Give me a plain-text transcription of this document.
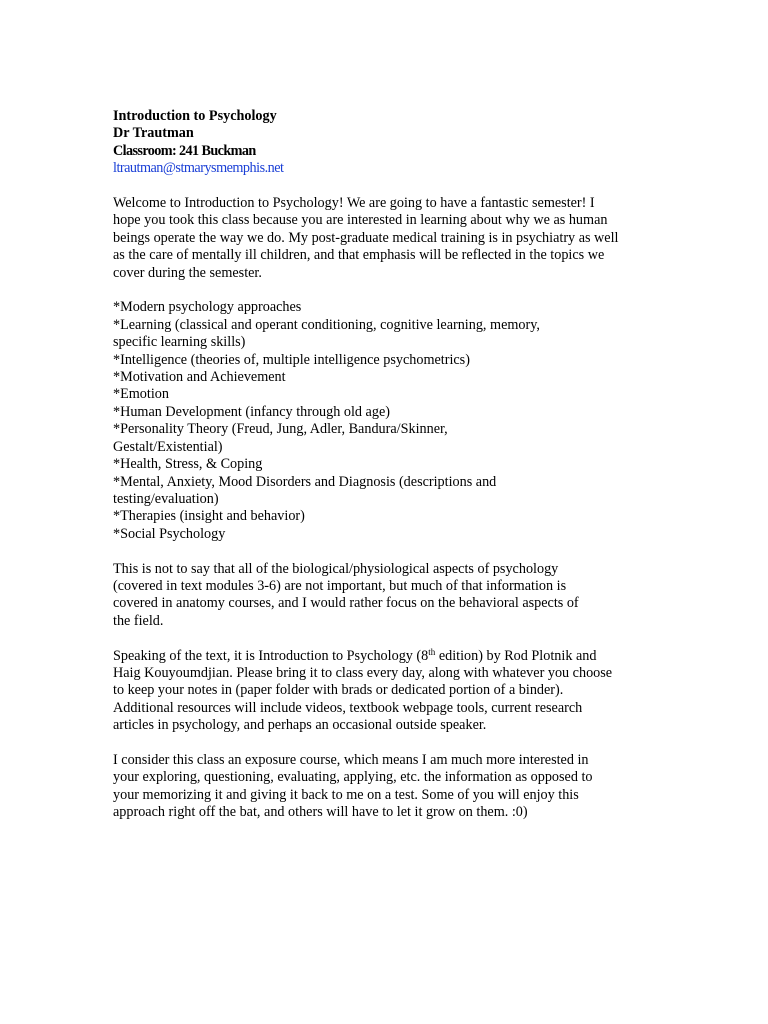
Introduction to Psychology
Dr Trautman
Classroom: 241 Buckman
ltrautman@stmarysmemphis.net
Welcome to Introduction to Psychology! We are going to have a fantastic semester! I
hope you took this class because you are interested in learning about why we as human
beings operate the way we do. My post-graduate medical training is in psychiatry as well
as the care of mentally ill children, and that emphasis will be reflected in the topics we
cover during the semester.
*Modern psychology approaches
*Learning (classical and operant conditioning, cognitive learning, memory,
specific learning skills)
*Intelligence (theories of, multiple intelligence psychometrics)
*Motivation and Achievement
*Emotion
*Human Development (infancy through old age)
*Personality Theory (Freud, Jung, Adler, Bandura/Skinner,
Gestalt/Existential)
*Health, Stress, & Coping
*Mental, Anxiety, Mood Disorders and Diagnosis (descriptions and
testing/evaluation)
*Therapies (insight and behavior)
*Social Psychology
This is not to say that all of the biological/physiological aspects of psychology
(covered in text modules 3-6) are not important, but much of that information is
covered in anatomy courses, and I would rather focus on the behavioral aspects of
the field.
Speaking of the text, it is Introduction to Psychology (8th edition) by Rod Plotnik and
Haig Kouyoumdjian. Please bring it to class every day, along with whatever you choose
to keep your notes in (paper folder with brads or dedicated portion of a binder).
Additional resources will include videos, textbook webpage tools, current research
articles in psychology, and perhaps an occasional outside speaker.
I consider this class an exposure course, which means I am much more interested in
your exploring, questioning, evaluating, applying, etc. the information as opposed to
your memorizing it and giving it back to me on a test. Some of you will enjoy this
approach right off the bat, and others will have to let it grow on them. :0)
